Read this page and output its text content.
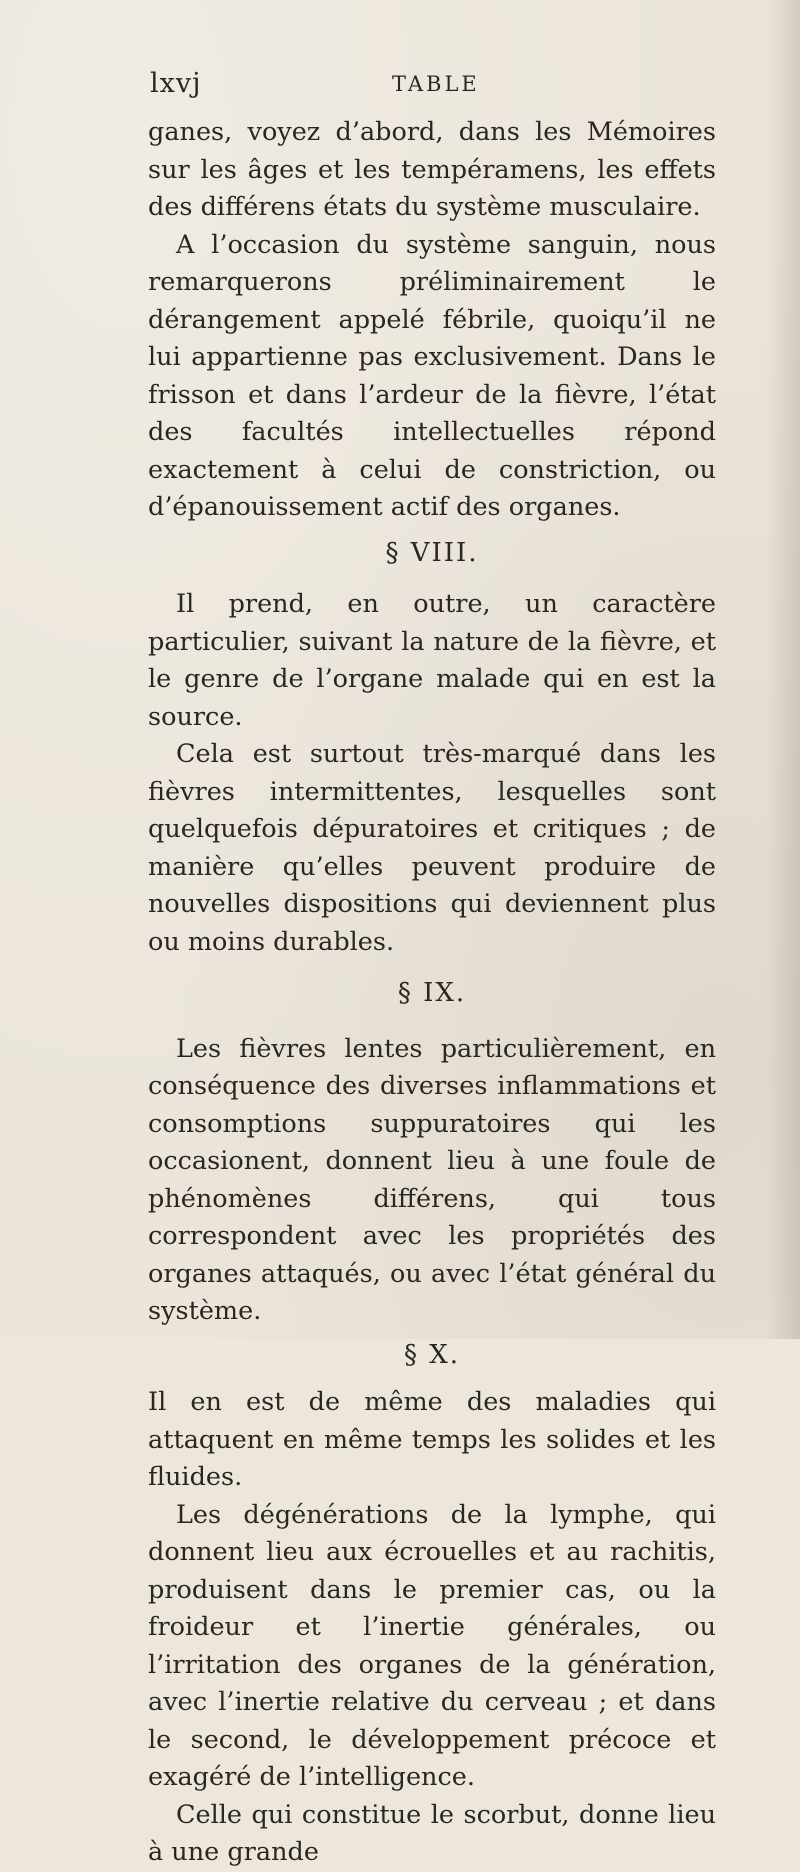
lxvj	TABLE

ganes, voyez d’abord, dans les Mémoires sur les âges et les tempéramens, les effets des différens états du système musculaire.

A l’occasion du système sanguin, nous remarquerons préliminairement le dérangement appelé fébrile, quoiqu’il ne lui appartienne pas exclusivement. Dans le frisson et dans l’ardeur de la fièvre, l’état des facultés intellectuelles répond exactement à celui de constriction, ou d’épanouissement actif des organes.

§ VIII.

Il prend, en outre, un caractère particulier, suivant la nature de la fièvre, et le genre de l’organe malade qui en est la source.

Cela est surtout très-marqué dans les fièvres intermittentes, lesquelles sont quelquefois dépuratoires et critiques ; de manière qu’elles peuvent produire de nouvelles dispositions qui deviennent plus ou moins durables.

§ IX.

Les fièvres lentes particulièrement, en conséquence des diverses inflammations et consomptions suppuratoires qui les occasionent, donnent lieu à une foule de phénomènes différens, qui tous correspondent avec les propriétés des organes attaqués, ou avec l’état général du système.

§ X.

Il en est de même des maladies qui attaquent en même temps les solides et les fluides.

Les dégénérations de la lymphe, qui donnent lieu aux écrouelles et au rachitis, produisent dans le premier cas, ou la froideur et l’inertie générales, ou l’irritation des organes de la génération, avec l’inertie relative du cerveau ; et dans le second, le développement précoce et exagéré de l’intelligence.

Celle qui constitue le scorbut, donne lieu à une grande
